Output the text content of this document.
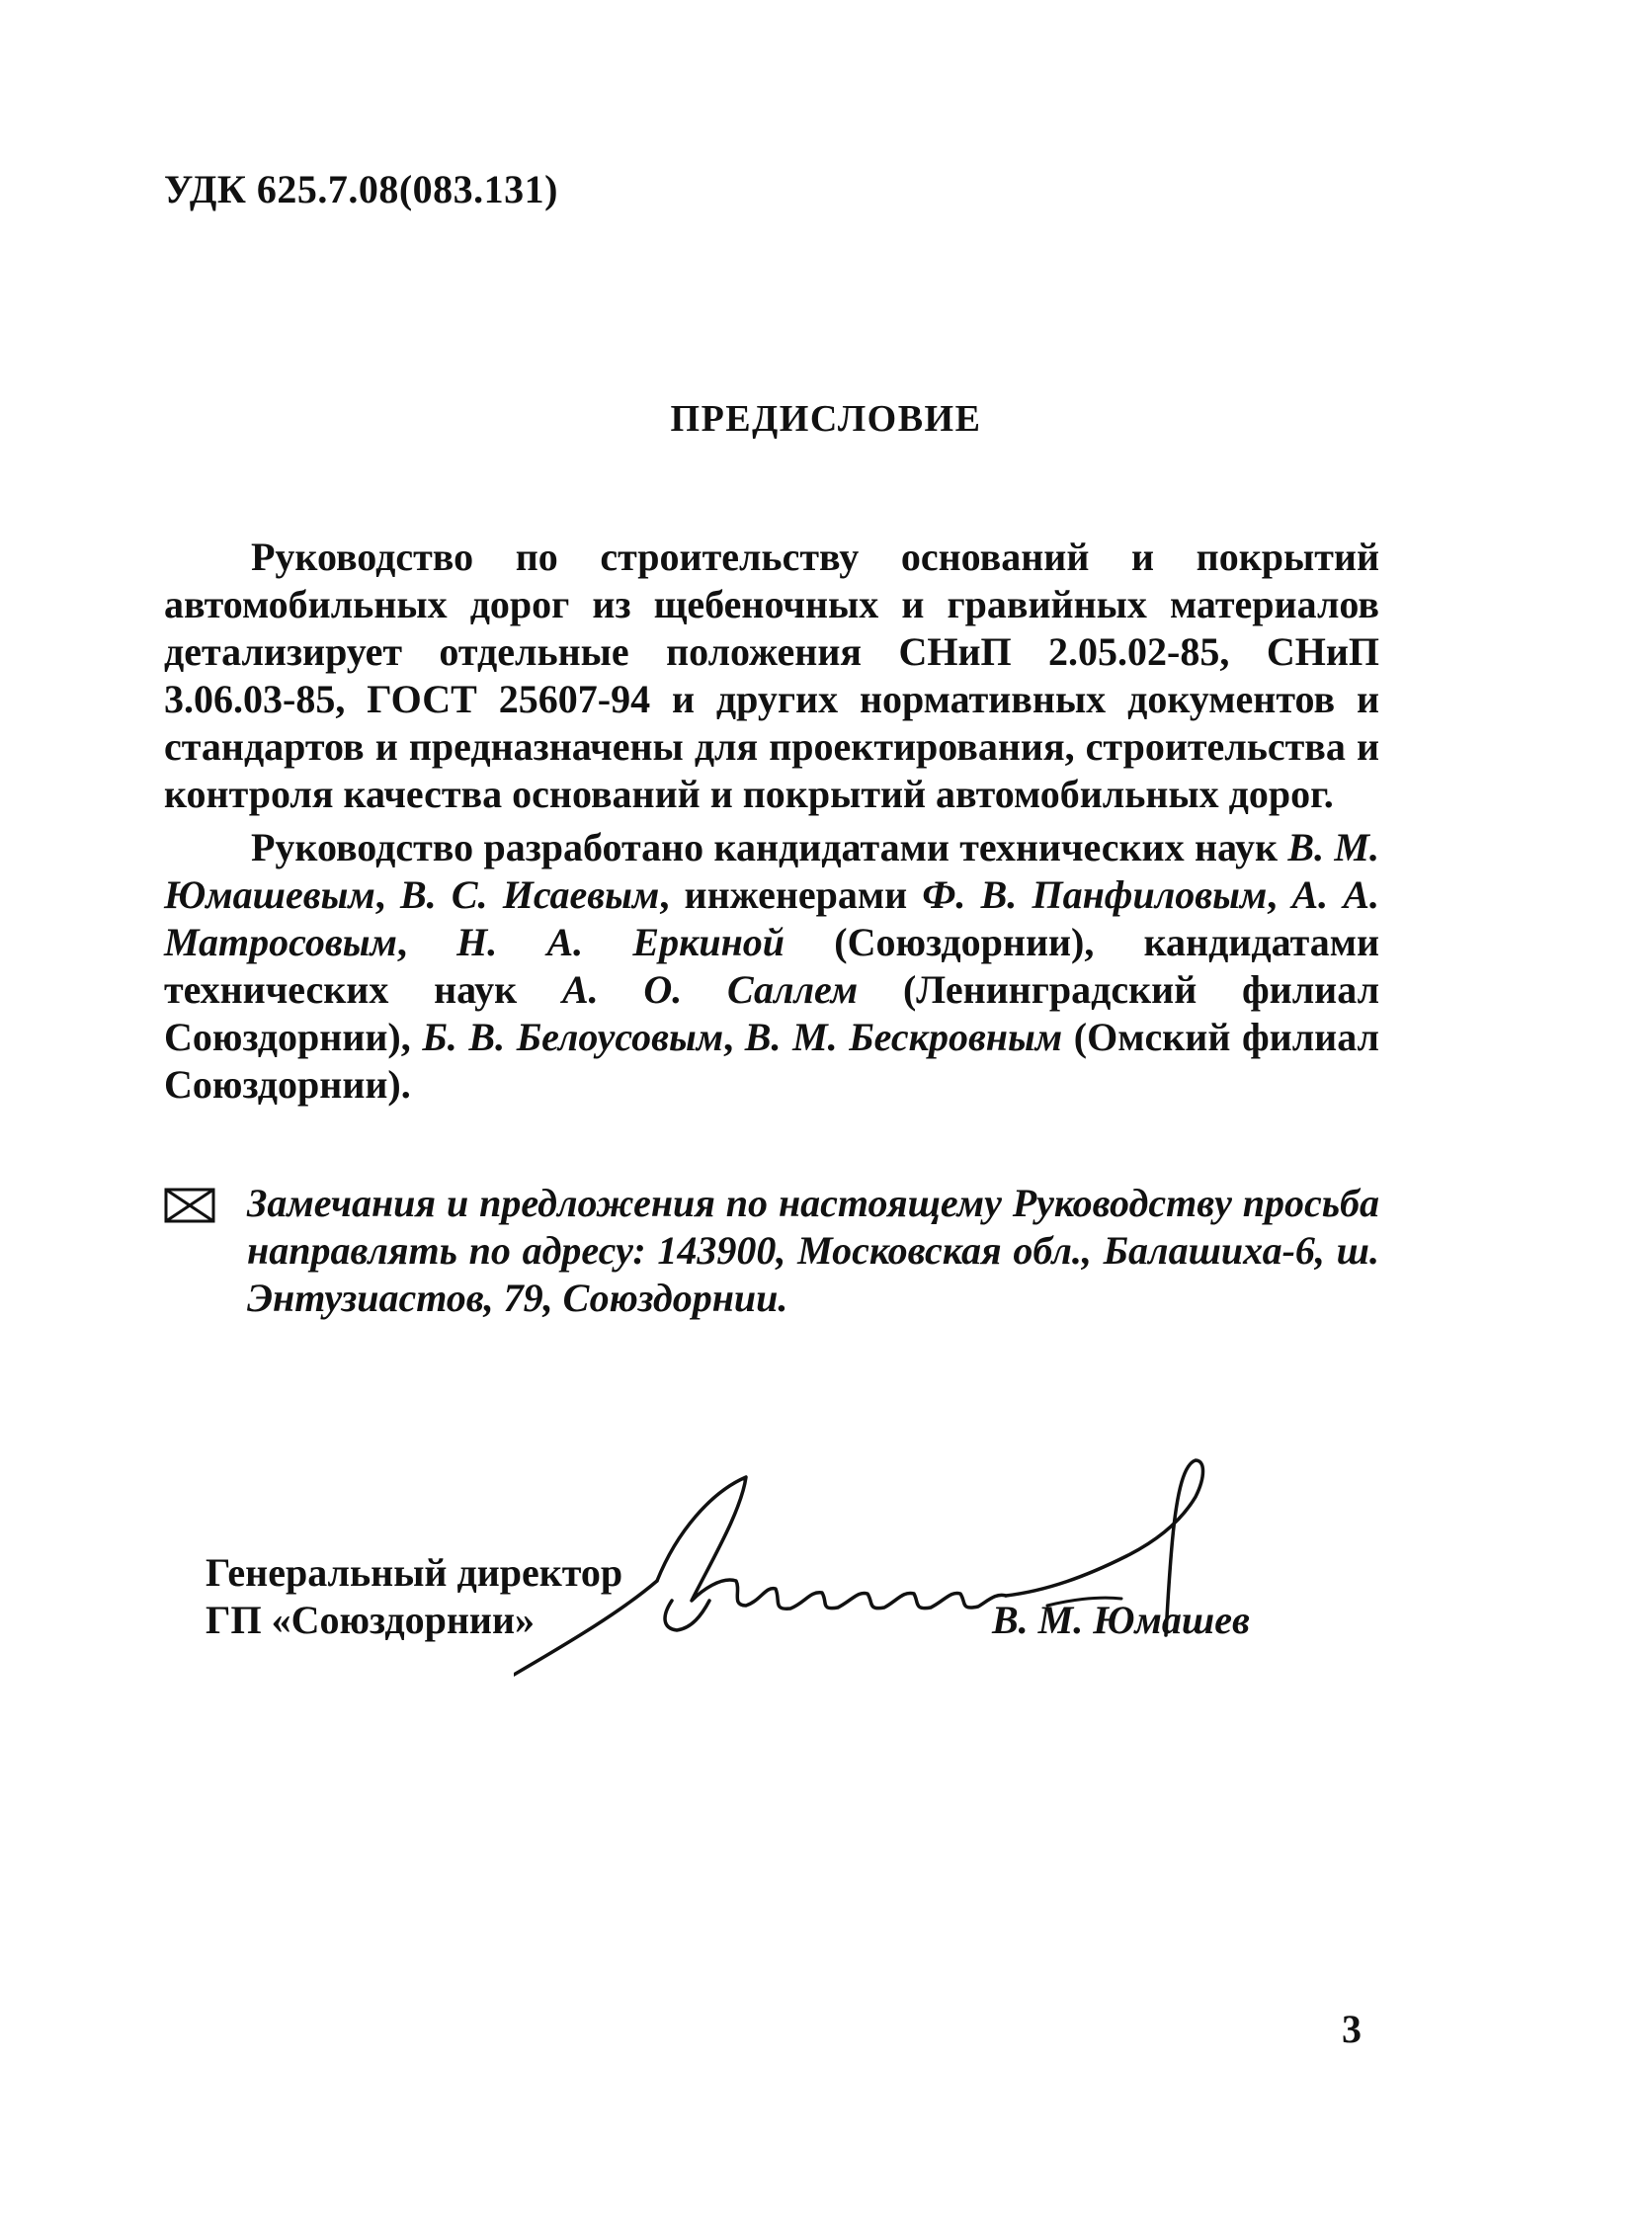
УДК 625.7.08(083.131)
ПРЕДИСЛОВИЕ

Руководство по строительству оснований и покрытий автомобильных дорог из щебеночных и гравийных материалов детализирует отдельные положения СНиП 2.05.02-85, СНиП 3.06.03-85, ГОСТ 25607-94 и других нормативных документов и стандартов и предназначены для проектирования, строительства и контроля качества оснований и покрытий автомобильных дорог.

Руководство разработано кандидатами технических наук В. М. Юмашевым, В. С. Исаевым, инженерами Ф. В. Панфиловым, А. А. Матросовым, Н. А. Еркиной (Союздорнии), кандидатами технических наук А. О. Саллем (Ленинградский филиал Союздорнии), Б. В. Белоусовым, В. М. Бескровным (Омский филиал Союздорнии).

Замечания и предложения по настоящему Руководству просьба направлять по адресу: 143900, Московская обл., Балашиха-6, ш. Энтузиастов, 79, Союздорнии.
Генеральный директор
ГП «Союздорнии»	В. М. Юмашев
3
